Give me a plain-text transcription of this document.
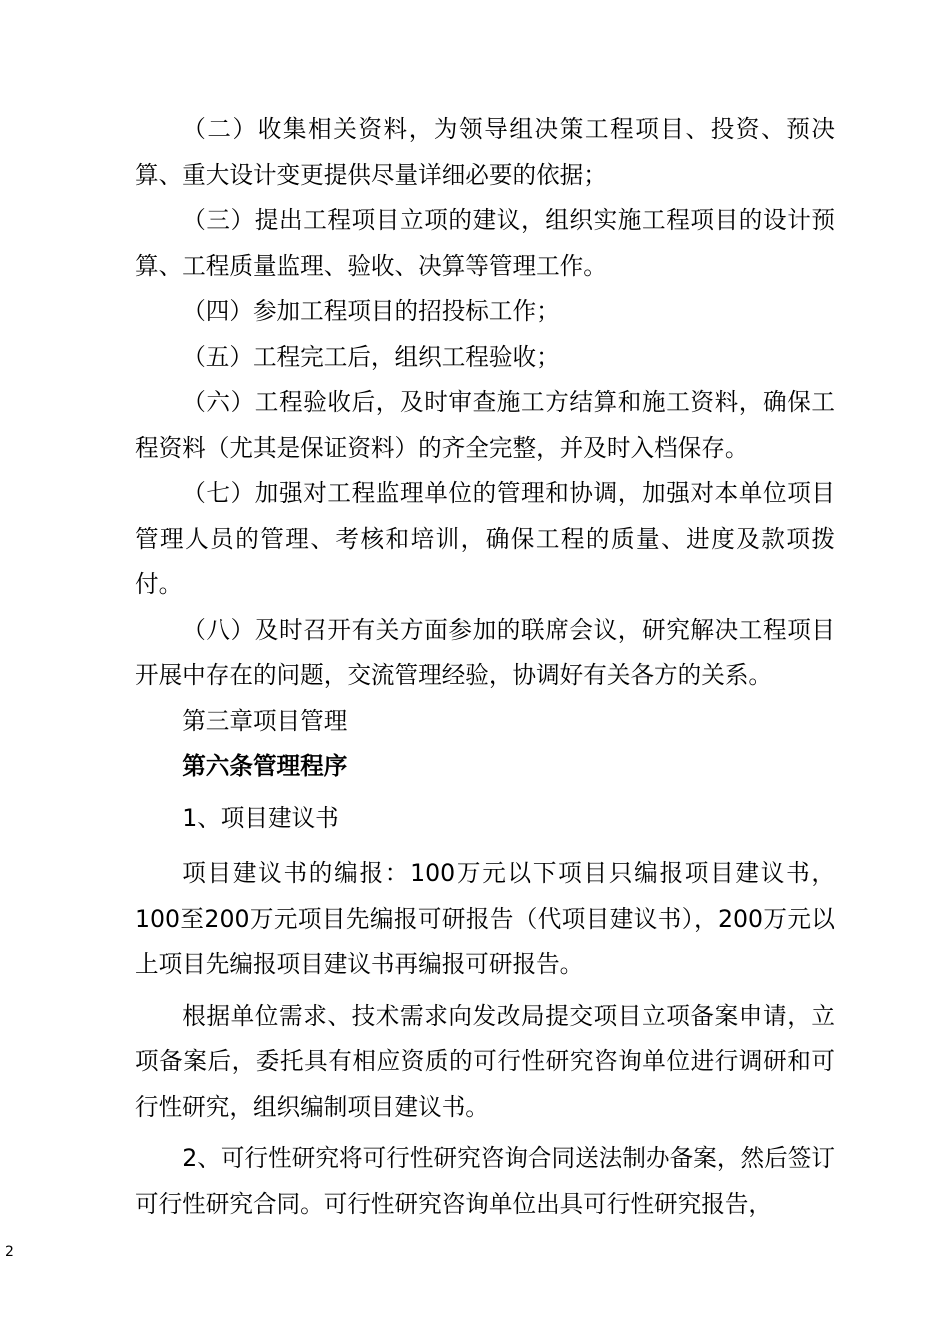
（二）收集相关资料，为领导组决策工程项目、投资、预决算、重大设计变更提供尽量详细必要的依据；

（三）提出工程项目立项的建议，组织实施工程项目的设计预算、工程质量监理、验收、决算等管理工作。

（四）参加工程项目的招投标工作；

（五）工程完工后，组织工程验收；

（六）工程验收后，及时审查施工方结算和施工资料，确保工程资料（尤其是保证资料）的齐全完整，并及时入档保存。

（七）加强对工程监理单位的管理和协调，加强对本单位项目管理人员的管理、考核和培训，确保工程的质量、进度及款项拨付。

（八）及时召开有关方面参加的联席会议，研究解决工程项目开展中存在的问题，交流管理经验，协调好有关各方的关系。

第三章项目管理

第六条管理程序

1、项目建议书

项目建议书的编报：100万元以下项目只编报项目建议书，100至200万元项目先编报可研报告（代项目建议书），200万元以上项目先编报项目建议书再编报可研报告。

根据单位需求、技术需求向发改局提交项目立项备案申请，立项备案后，委托具有相应资质的可行性研究咨询单位进行调研和可行性研究，组织编制项目建议书。

2、可行性研究将可行性研究咨询合同送法制办备案，然后签订可行性研究合同。可行性研究咨询单位出具可行性研究报告，

2
